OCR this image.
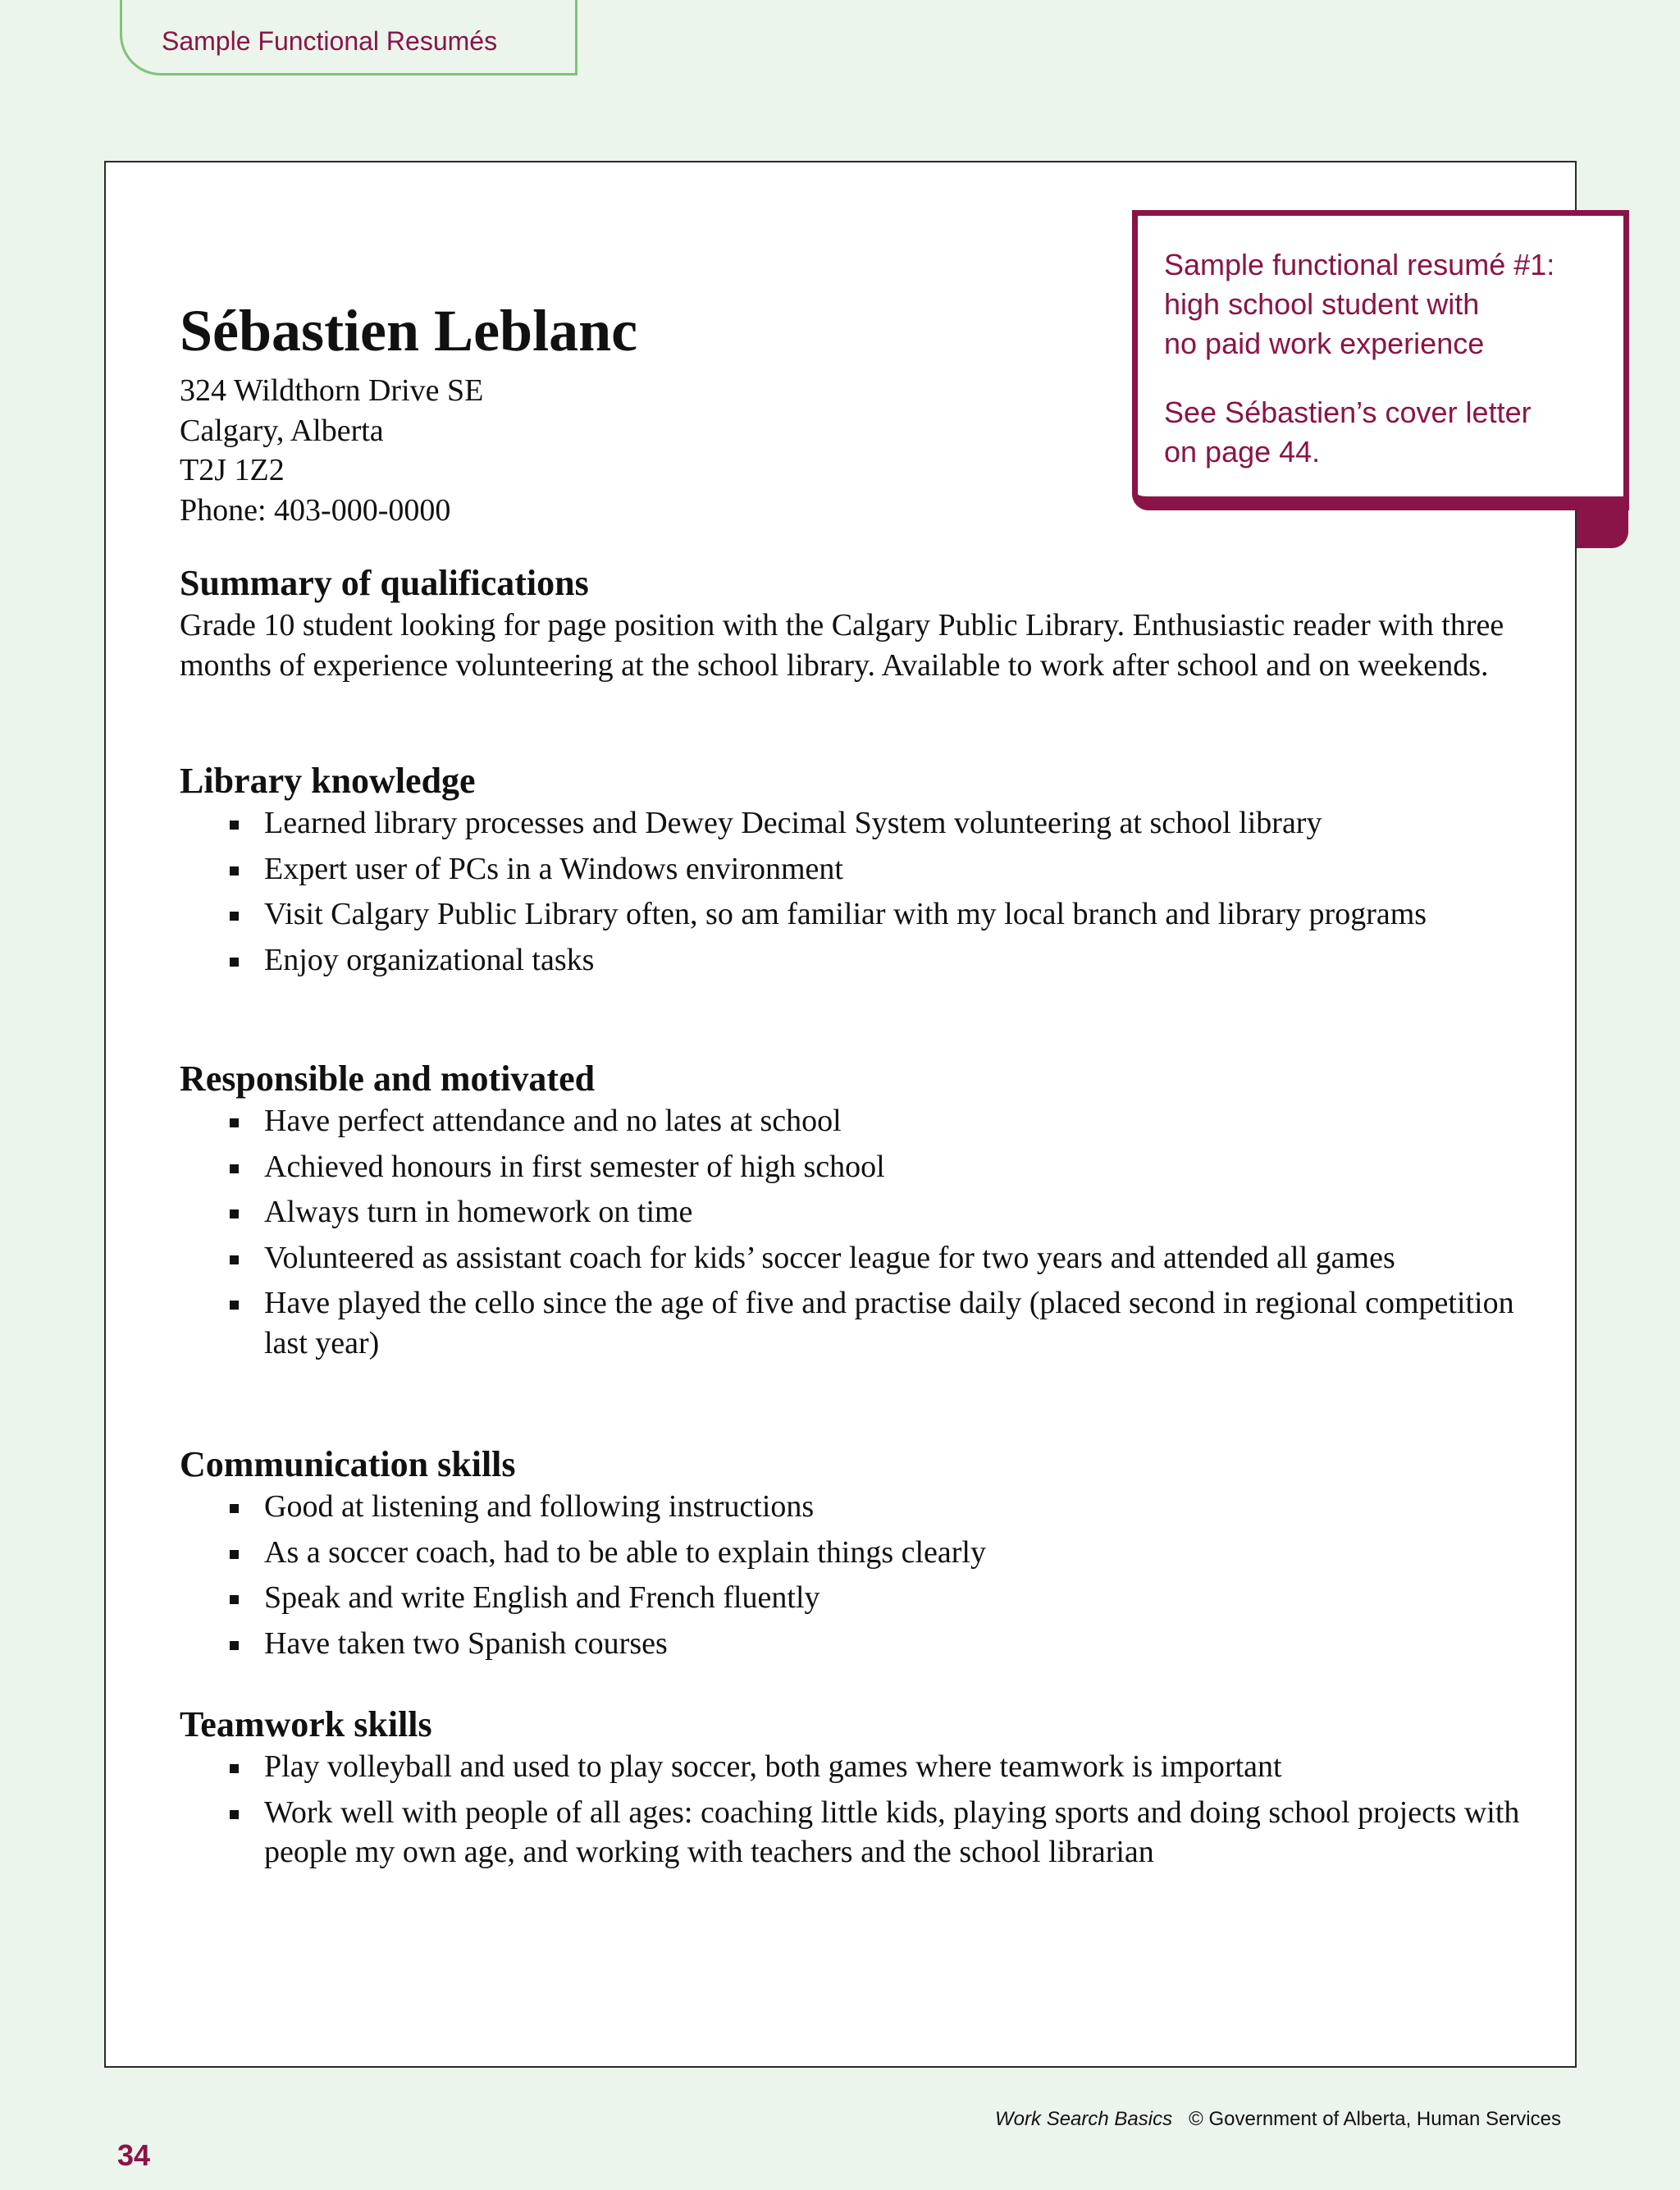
Sample Functional Resumés

Sample functional resumé #1:
high school student with
no paid work experience

See Sébastien’s cover letter
on page 44.

Sébastien Leblanc
324 Wildthorn Drive SE
Calgary, Alberta
T2J 1Z2
Phone: 403-000-0000
Summary of qualifications

Grade 10 student looking for page position with the Calgary Public Library. Enthusiastic reader with three months of experience volunteering at the school library. Available to work after school and on weekends.

Library knowledge
Learned library processes and Dewey Decimal System volunteering at school library
Expert user of PCs in a Windows environment
Visit Calgary Public Library often, so am familiar with my local branch and library programs
Enjoy organizational tasks
Responsible and motivated
Have perfect attendance and no lates at school
Achieved honours in first semester of high school
Always turn in homework on time
Volunteered as assistant coach for kids’ soccer league for two years and attended all games
Have played the cello since the age of five and practise daily (placed second in regional competition last year)
Communication skills
Good at listening and following instructions
As a soccer coach, had to be able to explain things clearly
Speak and write English and French fluently
Have taken two Spanish courses
Teamwork skills
Play volleyball and used to play soccer, both games where teamwork is important
Work well with people of all ages: coaching little kids, playing sports and doing school projects with people my own age, and working with teachers and the school librarian
34
Work Search Basics © Government of Alberta, Human Services
